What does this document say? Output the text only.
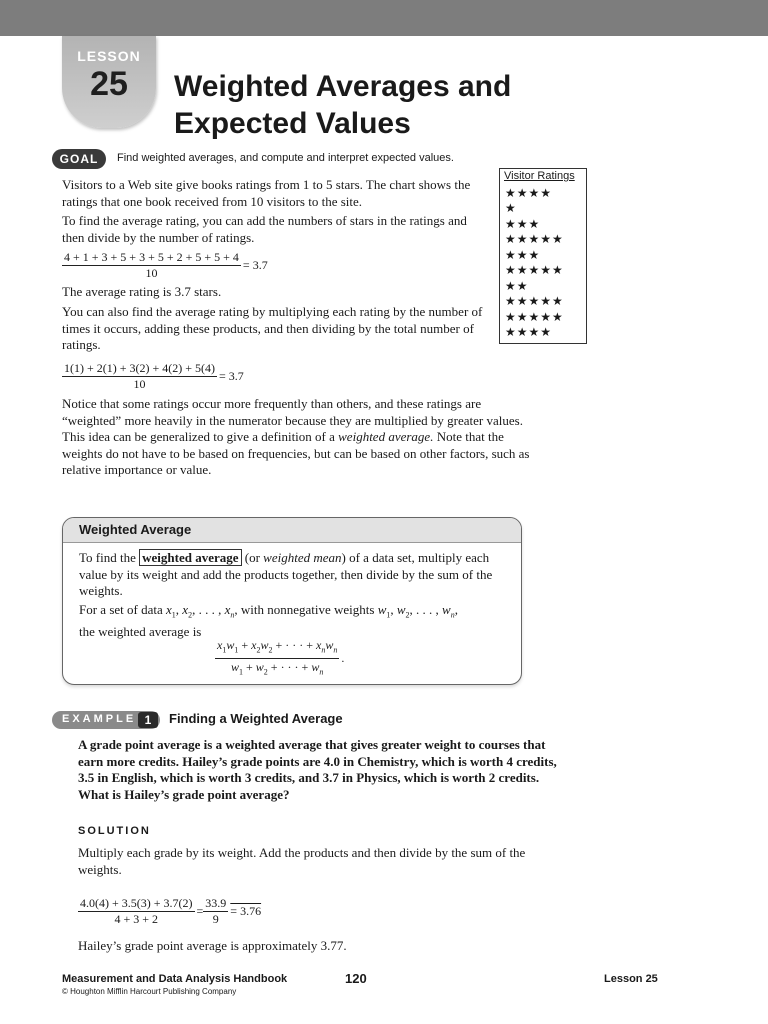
LESSON
25	Weighted Averages and
Expected Values
GOAL	Find weighted averages, and compute and interpret expected values.

Visitors to a Web site give books ratings from 1 to 5 stars. The chart shows the ratings that one book received from 10 visitors to the site.

To find the average rating, you can add the numbers of stars in the ratings and then divide by the number of ratings.

$\frac{4 + 1 + 3 + 5 + 3 + 5 + 2 + 5 + 5 + 4}{10} = 3.7$

The average rating is 3.7 stars.

You can also find the average rating by multiplying each rating by the number of times it occurs, adding these products, and then dividing by the total number of ratings.

$\frac{1(1) + 2(1) + 3(2) + 4(2) + 5(4)}{10} = 3.7$

Notice that some ratings occur more frequently than others, and these ratings are “weighted” more heavily in the numerator because they are multiplied by greater values. This idea can be generalized to give a definition of a weighted average. Note that the weights do not have to be based on frequencies, but can be based on other factors, such as relative importance or value.

Visitor Ratings
★★★★
★
★★★
★★★★★
★★★
★★★★★
★★
★★★★★
★★★★★
★★★★
Weighted Average

To find the weighted average (or weighted mean) of a data set, multiply each value by its weight and add the products together, then divide by the sum of the weights.

For a set of data $x_1$, $x_2$, . . . , $x_n$, with nonnegative weights $w_1$, $w_2$, . . . , $w_n$,
the weighted average is

$\frac{x_1w_1 + x_2w_2 + \cdot \cdot \cdot + x_nw_n}{w_1 + w_2 + \cdot \cdot \cdot + w_n}$ .
EXAMPLE 1	Finding a Weighted Average

A grade point average is a weighted average that gives greater weight to courses that earn more credits. Hailey’s grade points are 4.0 in Chemistry, which is worth 4 credits, 3.5 in English, which is worth 3 credits, and 3.7 in Physics, which is worth 2 credits. What is Hailey’s grade point average?

SOLUTION

Multiply each grade by its weight. Add the products and then divide by the sum of the weights.

$\frac{4.0(4) + 3.5(3) + 3.7(2)}{4 + 3 + 2} = \frac{33.9}{9} = 3.76$

Hailey’s grade point average is approximately 3.77.

Measurement and Data Analysis Handbook
© Houghton Mifflin Harcourt Publishing Company
120	Lesson 25
